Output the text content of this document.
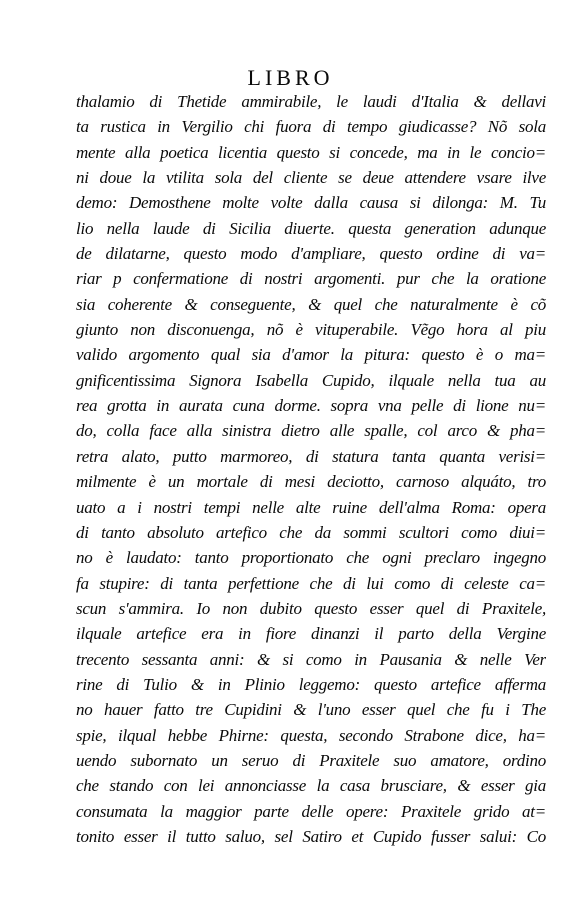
LIBRO
thalamio di Thetide ammirabile, le laudi d'Italia & dellavi
ta rustica in Vergilio chi fuora di tempo giudicasse? Nõ sola
mente alla poetica licentia questo si concede, ma in le concio=
ni doue la vtilita sola del cliente se deue attendere vsare ilve
demo: Demosthene molte volte dalla causa si dilonga: M. Tu
lio nella laude di Sicilia diuerte. questa generation adunque
de dilatarne, questo modo d'ampliare, questo ordine di va=
riar p confermatione di nostri argomenti. pur che la oratione
sia coherente & conseguente, & quel che naturalmente è cõ
giunto non disconuenga, nõ è vituperabile. Vẽgo hora al piu
valido argomento qual sia d'amor la pitura: questo è o ma=
gnificentissima Signora Isabella Cupido, ilquale nella tua au
rea grotta in aurata cuna dorme. sopra vna pelle di lione nu=
do, colla face alla sinistra dietro alle spalle, col arco & pha=
retra alato, putto marmoreo, di statura tanta quanta verisi=
milmente è un mortale di mesi deciotto, carnoso alquáto, tro
uato a i nostri tempi nelle alte ruine dell'alma Roma: opera
di tanto absoluto artefico che da sommi scultori como diui=
no è laudato: tanto proportionato che ogni preclaro ingegno
fa stupire: di tanta perfettione che di lui como di celeste ca=
scun s'ammira. Io non dubito questo esser quel di Praxitele,
ilquale artefice era in fiore dinanzi il parto della Vergine
trecento sessanta anni: & si como in Pausania & nelle Ver
rine di Tulio & in Plinio leggemo: questo artefice afferma
no hauer fatto tre Cupidini & l'uno esser quel che fu i The
spie, ilqual hebbe Phirne: questa, secondo Strabone dice, ha=
uendo subornato un seruo di Praxitele suo amatore, ordino
che stando con lei annonciasse la casa brusciare, & esser gia
consumata la maggior parte delle opere: Praxitele grido at=
tonito esser il tutto saluo, sel Satiro et Cupido fusser salui: Co
